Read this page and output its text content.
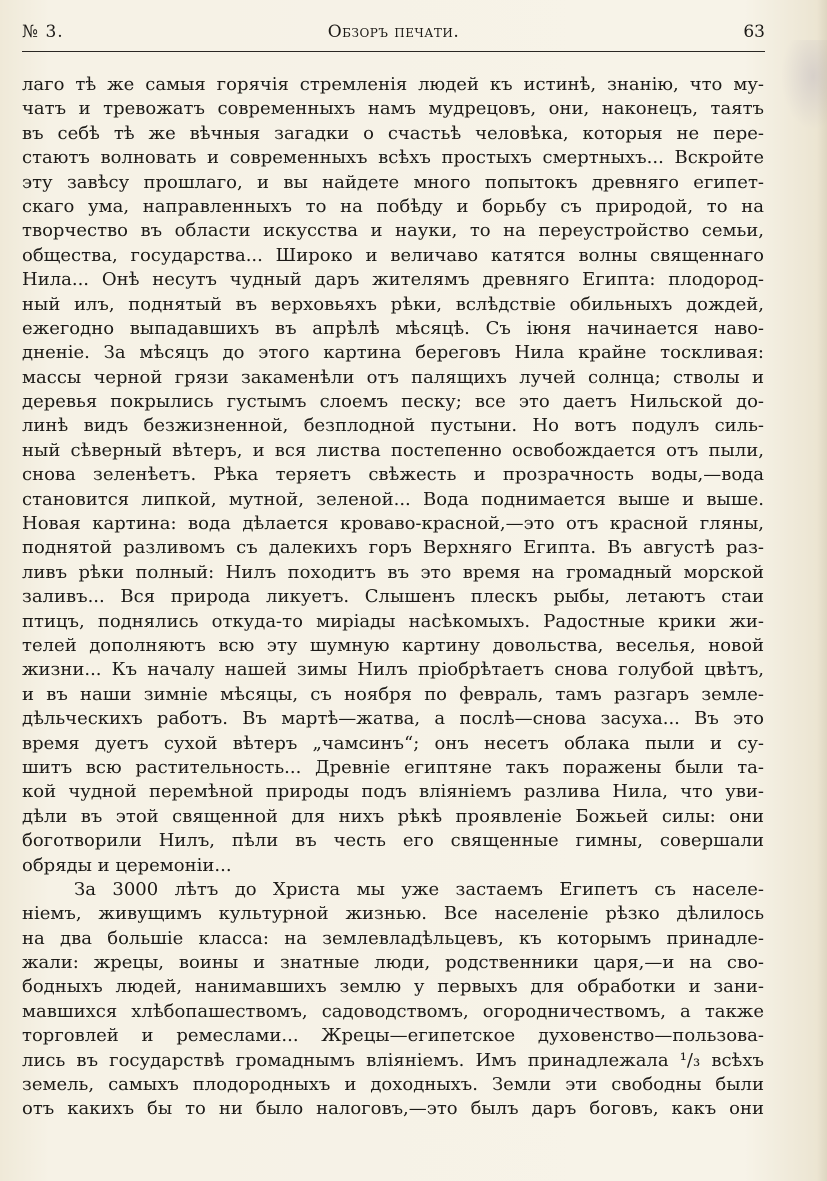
№ 3.	Обзоръ печати.	63
лаго тѣ же самыя горячія стремленія людей къ истинѣ, знанію, что му-
чатъ и тревожатъ современныхъ намъ мудрецовъ, они, наконецъ, таятъ
въ себѣ тѣ же вѣчныя загадки о счастьѣ человѣка, которыя не пере-
стаютъ волновать и современныхъ всѣхъ простыхъ смертныхъ... Вскройте
эту завѣсу прошлаго, и вы найдете много попытокъ древняго египет-
скаго ума, направленныхъ то на побѣду и борьбу съ природой, то на
творчество въ области искусства и науки, то на переустройство семьи,
общества, государства... Широко и величаво катятся волны священнаго
Нила... Онѣ несутъ чудный даръ жителямъ древняго Египта: плодород-
ный илъ, поднятый въ верховьяхъ рѣки, вслѣдствіе обильныхъ дождей,
ежегодно выпадавшихъ въ апрѣлѣ мѣсяцѣ. Съ іюня начинается наво-
дненіе. За мѣсяцъ до этого картина береговъ Нила крайне тоскливая:
массы черной грязи закаменѣли отъ палящихъ лучей солнца; стволы и
деревья покрылись густымъ слоемъ песку; все это даетъ Нильской до-
линѣ видъ безжизненной, безплодной пустыни. Но вотъ подулъ силь-
ный сѣверный вѣтеръ, и вся листва постепенно освобождается отъ пыли,
снова зеленѣетъ. Рѣка теряетъ свѣжесть и прозрачность воды,—вода
становится липкой, мутной, зеленой... Вода поднимается выше и выше.
Новая картина: вода дѣлается кроваво-красной,—это отъ красной гляны,
поднятой разливомъ съ далекихъ горъ Верхняго Египта. Въ августѣ раз-
ливъ рѣки полный: Нилъ походитъ въ это время на громадный морской
заливъ... Вся природа ликуетъ. Слышенъ плескъ рыбы, летаютъ стаи
птицъ, поднялись откуда-то миріады насѣкомыхъ. Радостные крики жи-
телей дополняютъ всю эту шумную картину довольства, веселья, новой
жизни... Къ началу нашей зимы Нилъ пріобрѣтаетъ снова голубой цвѣтъ,
и въ наши зимніе мѣсяцы, съ ноября по февраль, тамъ разгаръ земле-
дѣльческихъ работъ. Въ мартѣ—жатва, а послѣ—снова засуха... Въ это
время дуетъ сухой вѣтеръ „чамсинъ“; онъ несетъ облака пыли и су-
шитъ всю растительность... Древніе египтяне такъ поражены были та-
кой чудной перемѣной природы подъ вліяніемъ разлива Нила, что уви-
дѣли въ этой священной для нихъ рѣкѣ проявленіе Божьей силы: они
боготворили Нилъ, пѣли въ честь его священные гимны, совершали
обряды и церемоніи...
За 3000 лѣтъ до Христа мы уже застаемъ Египетъ съ населе-
ніемъ, живущимъ культурной жизнью. Все населеніе рѣзко дѣлилось
на два большіе класса: на землевладѣльцевъ, къ которымъ принадле-
жали: жрецы, воины и знатные люди, родственники царя,—и на сво-
бодныхъ людей, нанимавшихъ землю у первыхъ для обработки и зани-
мавшихся хлѣбопашествомъ, садоводствомъ, огородничествомъ, а также
торговлей и ремеслами... Жрецы—египетское духовенство—пользова-
лись въ государствѣ громаднымъ вліяніемъ. Имъ принадлежала ¹/₃ всѣхъ
земель, самыхъ плодородныхъ и доходныхъ. Земли эти свободны были
отъ какихъ бы то ни было налоговъ,—это былъ даръ боговъ, какъ они
